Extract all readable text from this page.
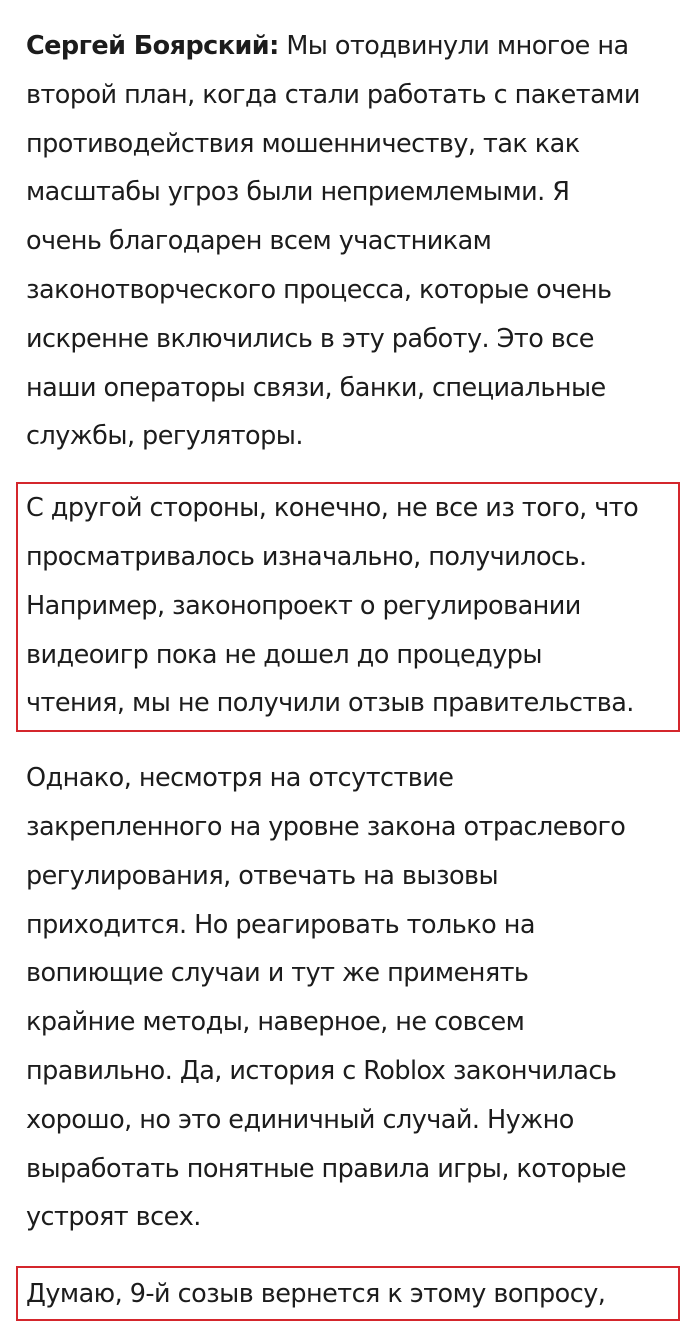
Сергей Боярский: Мы отодвинули многое на
второй план, когда стали работать с пакетами
противодействия мошенничеству, так как
масштабы угроз были неприемлемыми. Я
очень благодарен всем участникам
законотворческого процесса, которые очень
искренне включились в эту работу. Это все
наши операторы связи, банки, специальные
службы, регуляторы.

С другой стороны, конечно, не все из того, что
просматривалось изначально, получилось.
Например, законопроект о регулировании
видеоигр пока не дошел до процедуры
чтения, мы не получили отзыв правительства.

Однако, несмотря на отсутствие
закрепленного на уровне закона отраслевого
регулирования, отвечать на вызовы
приходится. Но реагировать только на
вопиющие случаи и тут же применять
крайние методы, наверное, не совсем
правильно. Да, история с Roblox закончилась
хорошо, но это единичный случай. Нужно
выработать понятные правила игры, которые
устроят всех.

Думаю, 9-й созыв вернется к этому вопросу,
